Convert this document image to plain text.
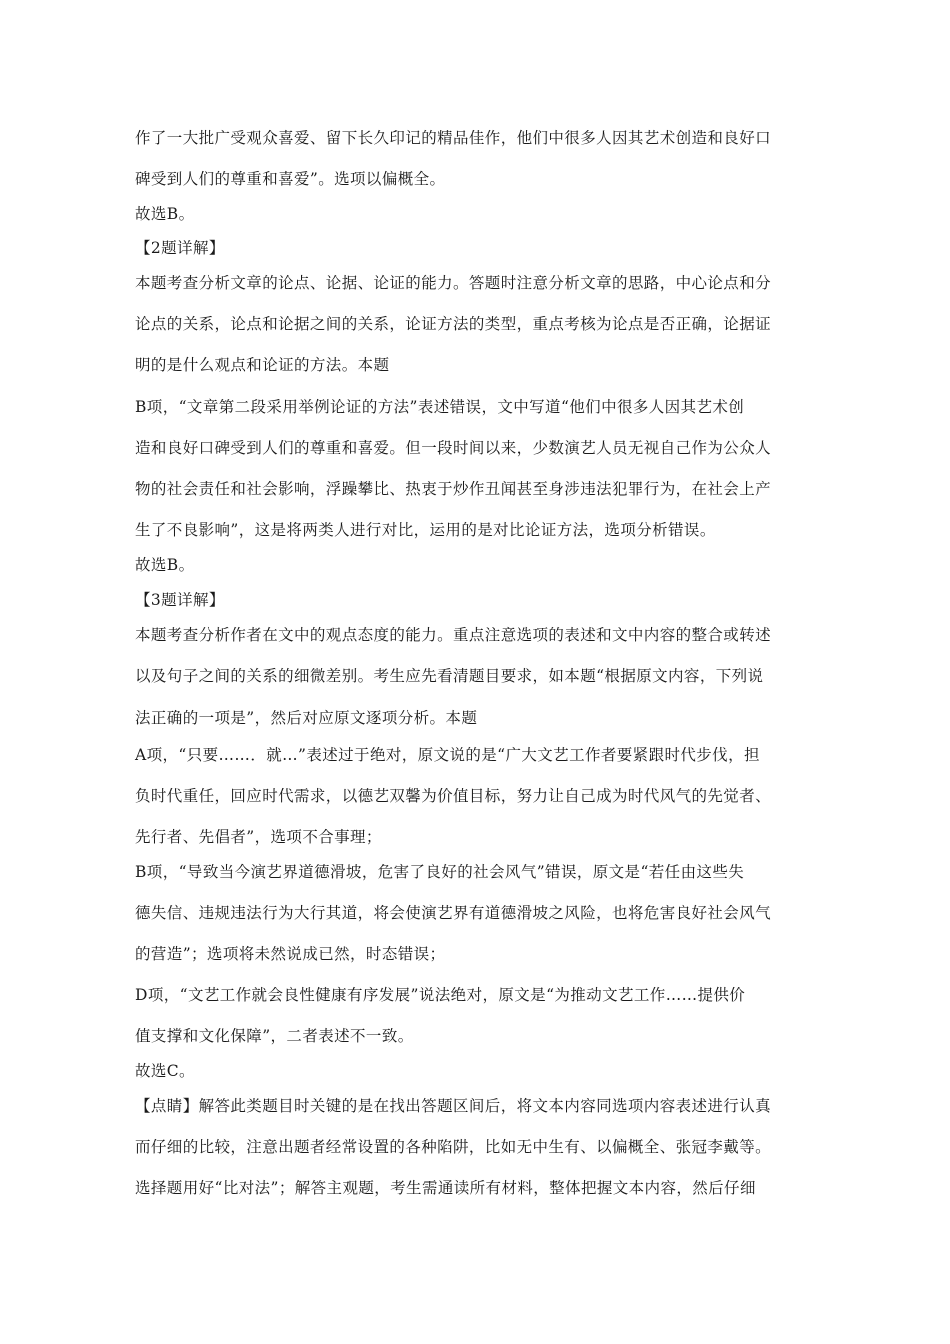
作了一大批广受观众喜爱、留下长久印记的精品佳作，他们中很多人因其艺术创造和良好口
碑受到人们的尊重和喜爱”。选项以偏概全。
故选B。
【2题详解】
本题考查分析文章的论点、论据、论证的能力。答题时注意分析文章的思路，中心论点和分
论点的关系，论点和论据之间的关系，论证方法的类型，重点考核为论点是否正确，论据证
明的是什么观点和论证的方法。本题
B项，“文章第二段采用举例论证的方法”表述错误，文中写道“他们中很多人因其艺术创
造和良好口碑受到人们的尊重和喜爱。但一段时间以来，少数演艺人员无视自己作为公众人
物的社会责任和社会影响，浮躁攀比、热衷于炒作丑闻甚至身涉违法犯罪行为，在社会上产
生了不良影响”，这是将两类人进行对比，运用的是对比论证方法，选项分析错误。
故选B。
【3题详解】
本题考查分析作者在文中的观点态度的能力。重点注意选项的表述和文中内容的整合或转述
以及句子之间的关系的细微差别。考生应先看清题目要求，如本题“根据原文内容，下列说
法正确的一项是”，然后对应原文逐项分析。本题
A项，“只要……．就…”表述过于绝对，原文说的是“广大文艺工作者要紧跟时代步伐，担
负时代重任，回应时代需求，以德艺双馨为价值目标，努力让自己成为时代风气的先觉者、
先行者、先倡者”，选项不合事理；
B项，“导致当今演艺界道德滑坡，危害了良好的社会风气”错误，原文是“若任由这些失
德失信、违规违法行为大行其道，将会使演艺界有道德滑坡之风险，也将危害良好社会风气
的营造”；选项将未然说成已然，时态错误；
D项，“文艺工作就会良性健康有序发展”说法绝对，原文是“为推动文艺工作……提供价
值支撑和文化保障”，二者表述不一致。
故选C。
【点睛】解答此类题目时关键的是在找出答题区间后，将文本内容同选项内容表述进行认真
而仔细的比较，注意出题者经常设置的各种陷阱，比如无中生有、以偏概全、张冠李戴等。
选择题用好“比对法”；解答主观题，考生需通读所有材料，整体把握文本内容，然后仔细
